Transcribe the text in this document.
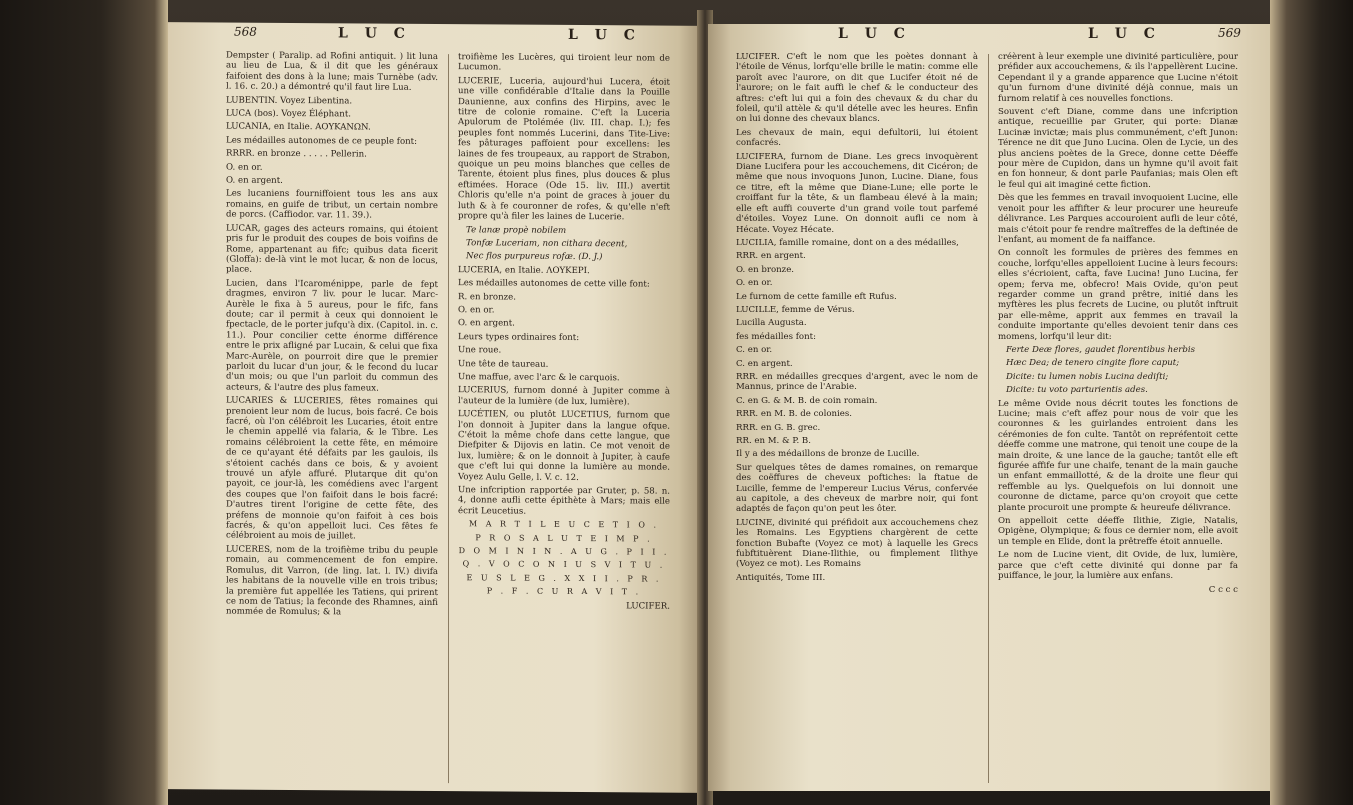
568	L U C	L U C

Dempster ( Paralip. ad Rofini antiquit. ) lit luna au lieu de Lua, & il dit que les généraux faifoient des dons à la lune; mais Turnèbe (adv. l. 16. c. 20.) a démontré qu'il faut lire Lua.

LUBENTIN. Voyez Libentina.

LUCA (bos). Voyez Éléphant.

LUCANIA, en Italie. AOYKANΩN.

Les médailles autonomes de ce peuple font:

RRRR. en bronze . . . . . Pellerin.

O. en or.

O. en argent.

Les lucaniens fourniffoient tous les ans aux romains, en guife de tribut, un certain nombre de porcs. (Caffiodor. var. 11. 39.).

LUCAR, gages des acteurs romains, qui étoient pris fur le produit des coupes de bois voifins de Rome, appartenant au fifc; quibus data ficerit (Gloffa): de-là vint le mot lucar, & non de locus, place.

Lucien, dans l'Icaroménippe, parle de fept dragmes, environ 7 liv. pour le lucar. Marc-Aurèle le fixa à 5 aureus, pour le fifc, fans doute; car il permit à ceux qui donnoient le fpectacle, de le porter jufqu'à dix. (Capitol. in. c. 11.). Pour concilier cette énorme différence entre le prix afligné par Lucain, & celui que fixa Marc-Aurèle, on pourroit dire que le premier parloit du lucar d'un jour, & le fecond du lucar d'un mois; ou que l'un parloit du commun des acteurs, & l'autre des plus fameux.

LUCARIES & LUCERIES, fêtes romaines qui prenoient leur nom de lucus, bois facré. Ce bois facré, où l'on célébroit les Lucaries, étoit entre le chemin appellé via falaria, & le Tibre. Les romains célébroient la cette fête, en mémoire de ce qu'ayant été défaits par les gaulois, ils s'étoient cachés dans ce bois, & y avoient trouvé un afyle affuré. Plutarque dit qu'on payoit, ce jour-là, les comédiens avec l'argent des coupes que l'on faifoit dans le bois facré: D'autres tirent l'origine de cette fête, des préfens de monnoie qu'on faifoit à ces bois facrés, & qu'on appelloit luci. Ces fêtes fe célébroient au mois de juillet.

LUCERES, nom de la troifième tribu du peuple romain, au commencement de fon empire. Romulus, dit Varron, (de ling. lat. l. IV.) divifa les habitans de la nouvelle ville en trois tribus; la première fut appellée les Tatiens, qui prirent ce nom de Tatius; la feconde des Rhamnes, ainfi nommée de Romulus; & la

troifième les Lucères, qui tiroient leur nom de Lucumon.

LUCERIE, Luceria, aujourd'hui Lucera, étoit une ville confidérable d'Italie dans la Pouille Daunienne, aux confins des Hirpins, avec le titre de colonie romaine. C'eft la Luceria Apulorum de Ptolémée (liv. III. chap. I.); fes peuples font nommés Lucerini, dans Tite-Live: fes pâturages paffoient pour excellens: les laines de fes troupeaux, au rapport de Strabon, quoique un peu moins blanches que celles de Tarente, étoient plus fines, plus douces & plus eftimées. Horace (Ode 15. liv. III.) avertit Chloris qu'elle n'a point de graces à jouer du luth & à fe couronner de rofes, & qu'elle n'eft propre qu'à filer les laines de Lucerie.

Te lanæ propè nobilem

Tonfæ Luceriam, non cithara decent,

Nec flos purpureus rofæ. (D. J.)

LUCERIA, en Italie. ΛΟΥΚΕΡΙ.

Les médailles autonomes de cette ville font:

R. en bronze.

O. en or.

O. en argent.

Leurs types ordinaires font:

Une roue.

Une tête de taureau.

Une maffue, avec l'arc & le carquois.

LUCERIUS, furnom donné à Jupiter comme à l'auteur de la lumière (de lux, lumière).

LUCÉTIEN, ou plutôt LUCETIUS, furnom que l'on donnoit à Jupiter dans la langue ofque. C'étoit la même chofe dans cette langue, que Diefpiter & Dijovis en latin. Ce mot venoit de lux, lumière; & on le donnoit à Jupiter, à caufe que c'eft lui qui donne la lumière au monde. Voyez Aulu Gelle, l. V. c. 12.

Une infcription rapportée par Gruter, p. 58. n. 4, donne aufli cette épithète à Mars; mais elle écrit Leucetius.

M A R T I L E U C E T I O .

P R O S A L U T E I M P .

D O M I N I N . A U G . P I I .

Q . V O C O N I U S V I T U .

E U S L E G . X X I I . P R .

P . F . C U R A V I T .

LUCIFER.

L U C	L U C	569

LUCIFER. C'eft le nom que les poètes donnant à l'étoile de Vénus, lorfqu'elle brille le matin: comme elle paroît avec l'aurore, on dit que Lucifer étoit né de l'aurore; on le fait auffi le chef & le conducteur des aftres: c'eft lui qui a foin des chevaux & du char du foleil, qu'il attèle & qu'il dételle avec les heures. Enfin on lui donne des chevaux blancs.

Les chevaux de main, equi defultorii, lui étoient confacrés.

LUCIFERA, furnom de Diane. Les grecs invoquèrent Diane Lucifera pour les accouchemens, dit Cicéron; de même que nous invoquons Junon, Lucine. Diane, fous ce titre, eft la même que Diane-Lune; elle porte le croiffant fur la tête, & un flambeau élevé à la main; elle eft auffi couverte d'un grand voile tout parfemé d'étoiles. Voyez Lune. On donnoit aufli ce nom à Hécate. Voyez Hécate.

LUCILIA, famille romaine, dont on a des médailles,

RRR. en argent.

O. en bronze.

O. en or.

Le furnom de cette famille eft Rufus.

LUCILLE, femme de Vérus.

Lucilla Augusta.

fes médailles font:

C. en or.

C. en argent.

RRR. en médailles grecques d'argent, avec le nom de Mannus, prince de l'Arabie.

C. en G. & M. B. de coin romain.

RRR. en M. B. de colonies.

RRR. en G. B. grec.

RR. en M. & P. B.

Il y a des médaillons de bronze de Lucille.

Sur quelques têtes de dames romaines, on remarque des coëffures de cheveux poftiches: la ftatue de Lucille, femme de l'empereur Lucius Vérus, confervée au capitole, a des cheveux de marbre noir, qui font adaptés de façon qu'on peut les ôter.

LUCINE, divinité qui préfidoit aux accouchemens chez les Romains. Les Egyptiens chargèrent de cette fonction Bubafte (Voyez ce mot) à laquelle les Grecs fubftituèrent Diane-Ilithie, ou fimplement Ilithye (Voyez ce mot). Les Romains

Antiquités, Tome III.

créèrent à leur exemple une divinité particulière, pour préfider aux accouchemens, & ils l'appellèrent Lucine. Cependant il y a grande apparence que Lucine n'étoit qu'un furnom d'une divinité déjà connue, mais un furnom relatif à ces nouvelles fonctions.

Souvent c'eft Diane, comme dans une infcription antique, recueillie par Gruter, qui porte: Dianæ Lucinæ invictæ; mais plus communément, c'eft Junon: Térence ne dit que Juno Lucina. Olen de Lycie, un des plus anciens poètes de la Grece, donne cette Déeffe pour mère de Cupidon, dans un hymne qu'il avoit fait en fon honneur, & dont parle Paufanias; mais Olen eft le feul qui ait imaginé cette fiction.

Dès que les femmes en travail invoquoient Lucine, elle venoit pour les affifter & leur procurer une heureufe délivrance. Les Parques accouroient aufli de leur côté, mais c'étoit pour fe rendre maîtreffes de la deftinée de l'enfant, au moment de fa naiffance.

On connoît les formules de prières des femmes en couche, lorfqu'elles appelloient Lucine à leurs fecours: elles s'écrioient, cafta, fave Lucina! Juno Lucina, fer opem; ferva me, obfecro! Mais Ovide, qu'on peut regarder comme un grand prêtre, initié dans les myftères les plus fecrets de Lucine, ou plutôt inftruit par elle-même, apprit aux femmes en travail la conduite importante qu'elles devoient tenir dans ces momens, lorfqu'il leur dit:

Ferte Deæ flores, gaudet florentibus herbis

Hæc Dea; de tenero cingite flore caput;

Dicite: tu lumen nobis Lucina dediſti;

Dicite: tu voto parturientis ades.

Le même Ovide nous décrit toutes les fonctions de Lucine; mais c'eft affez pour nous de voir que les couronnes & les guirlandes entroient dans les cérémonies de fon culte. Tantôt on repréfentoit cette déeffe comme une matrone, qui tenoit une coupe de la main droite, & une lance de la gauche; tantôt elle eft figurée affife fur une chaife, tenant de la main gauche un enfant emmaillotté, & de la droite une fleur qui reffemble au lys. Quelquefois on lui donnoit une couronne de dictame, parce qu'on croyoit que cette plante procuroit une prompte & heureufe délivrance.

On appelloit cette déeffe Ilithie, Zigie, Natalis, Opigène, Olympique; & fous ce dernier nom, elle avoit un temple en Elide, dont la prêtreffe étoit annuelle.

Le nom de Lucine vient, dit Ovide, de lux, lumière, parce que c'eft cette divinité qui donne par fa puiffance, le jour, la lumière aux enfans.

C c c c
